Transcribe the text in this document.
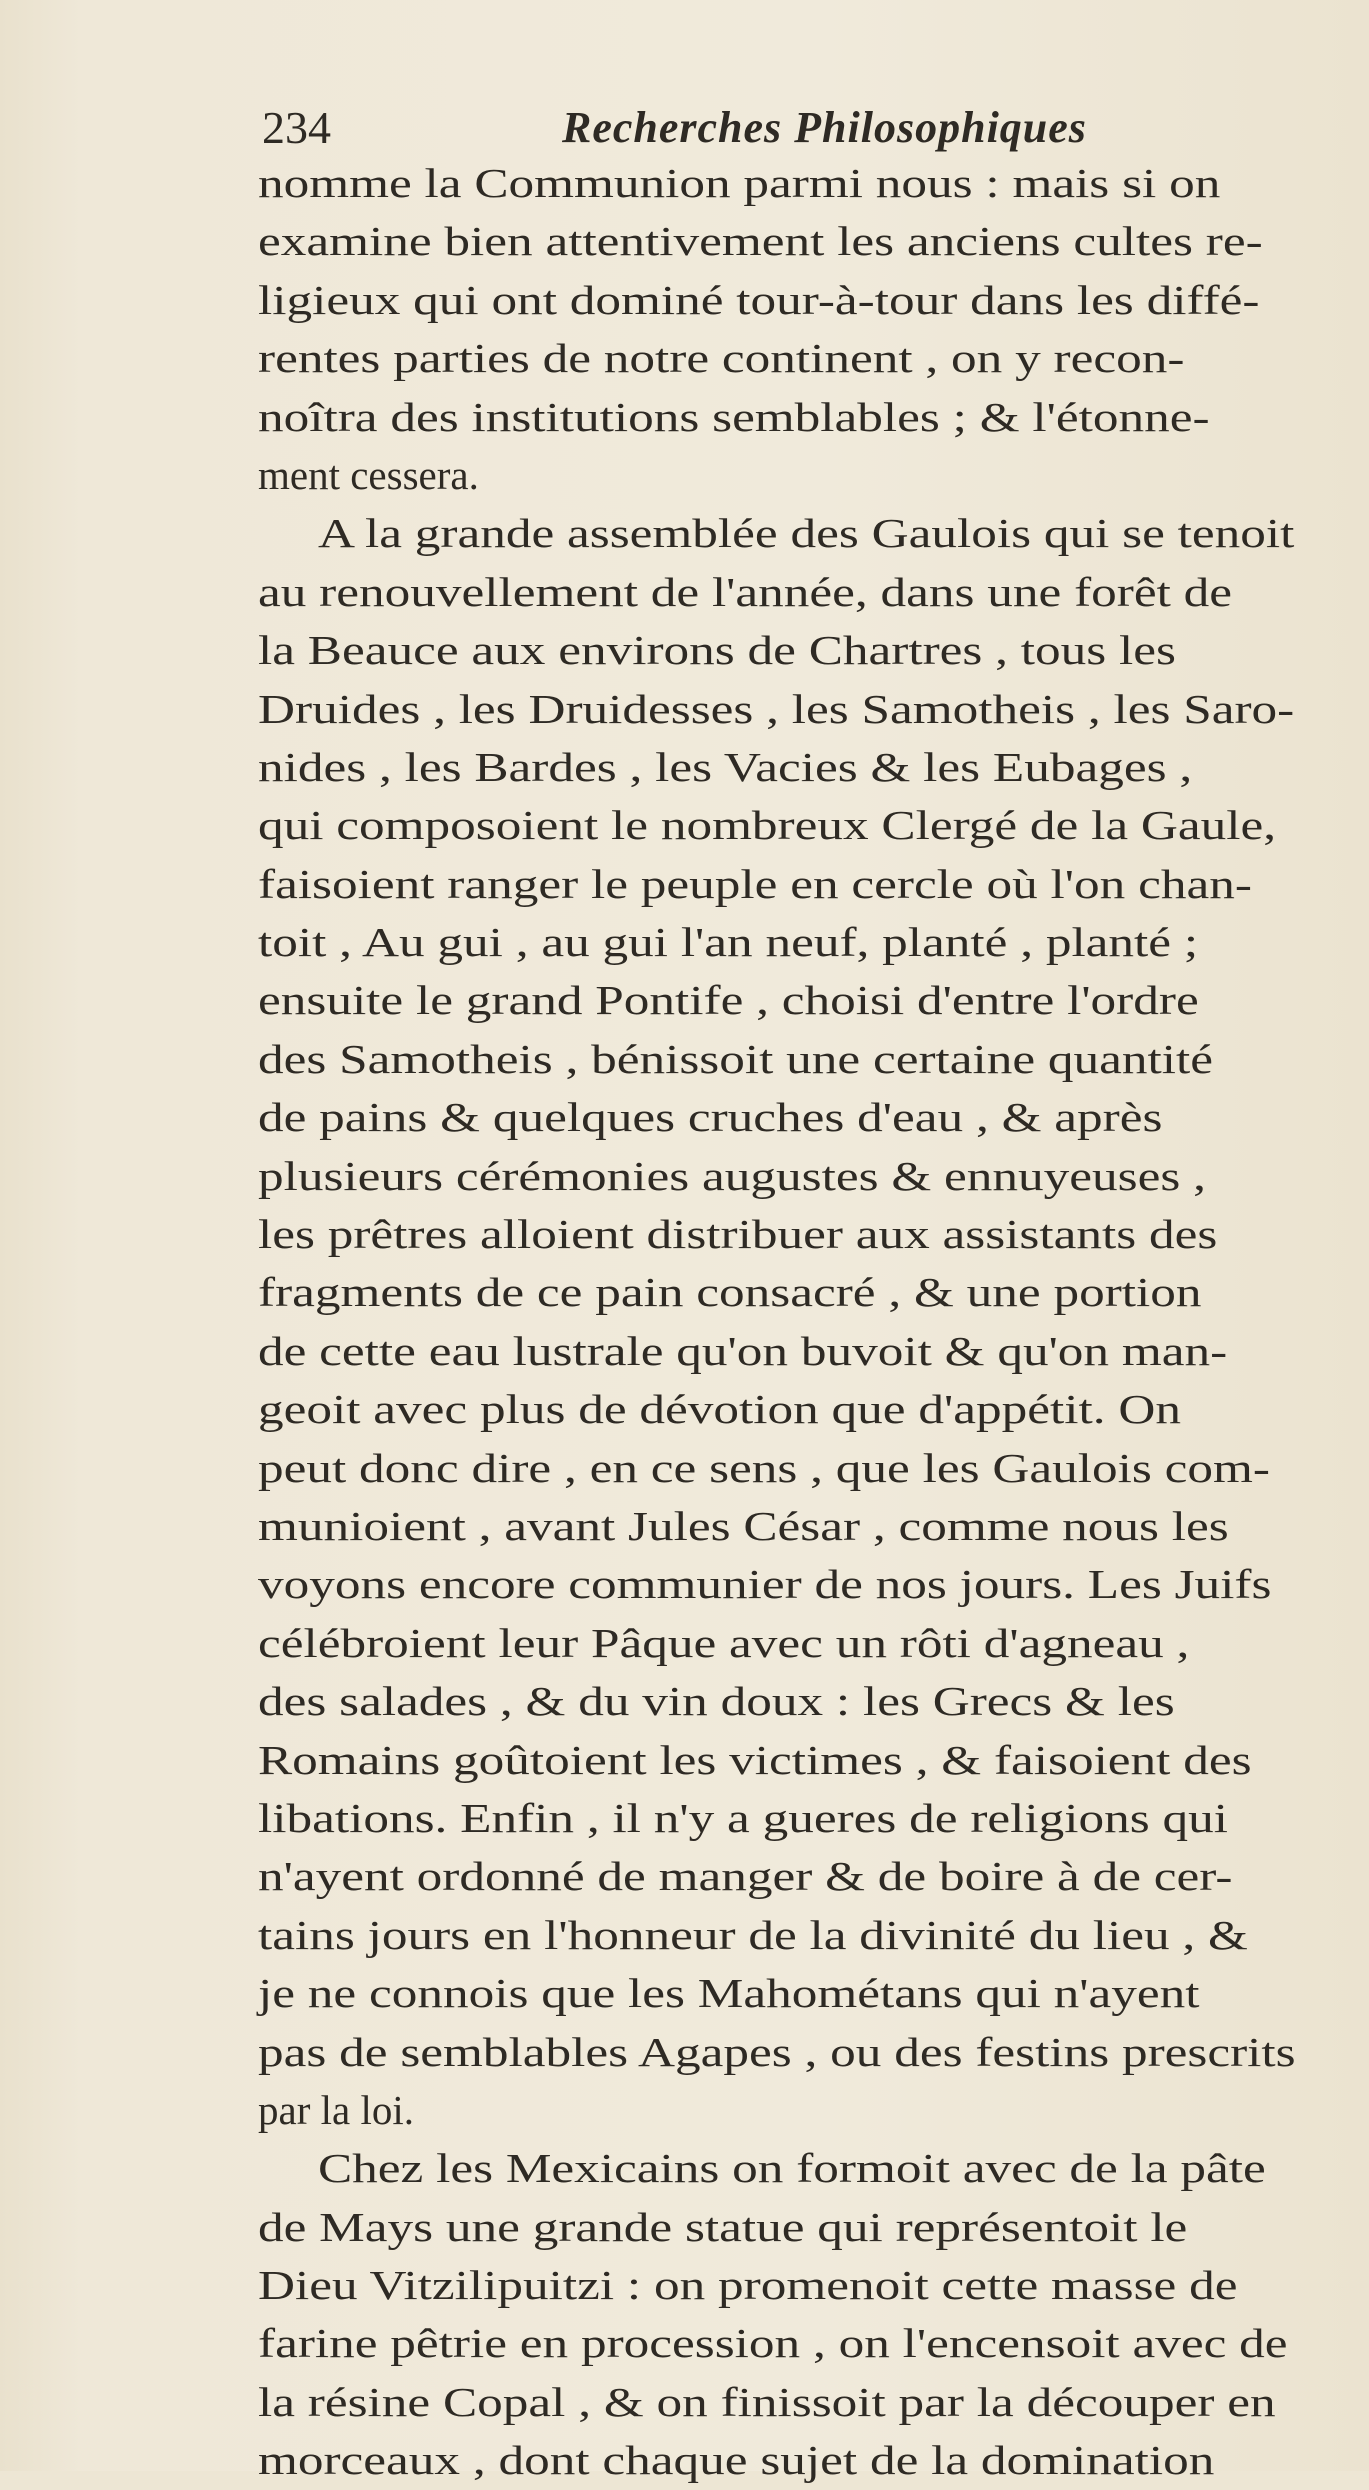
234	Recherches Philosophiques
nomme la Communion parmi nous : mais si on
examine bien attentivement les anciens cultes re-
ligieux qui ont dominé tour-à-tour dans les diffé-
rentes parties de notre continent , on y recon-
noîtra des institutions semblables ; & l'étonne-
ment cessera.
A la grande assemblée des Gaulois qui se tenoit
au renouvellement de l'année, dans une forêt de
la Beauce aux environs de Chartres , tous les
Druides , les Druidesses , les Samotheis , les Saro-
nides , les Bardes , les Vacies & les Eubages ,
qui composoient le nombreux Clergé de la Gaule,
faisoient ranger le peuple en cercle où l'on chan-
toit , Au gui , au gui l'an neuf, planté , planté ;
ensuite le grand Pontife , choisi d'entre l'ordre
des Samotheis , bénissoit une certaine quantité
de pains & quelques cruches d'eau , & après
plusieurs cérémonies augustes & ennuyeuses ,
les prêtres alloient distribuer aux assistants des
fragments de ce pain consacré , & une portion
de cette eau lustrale qu'on buvoit & qu'on man-
geoit avec plus de dévotion que d'appétit. On
peut donc dire , en ce sens , que les Gaulois com-
munioient , avant Jules César , comme nous les
voyons encore communier de nos jours. Les Juifs
célébroient leur Pâque avec un rôti d'agneau ,
des salades , & du vin doux : les Grecs & les
Romains goûtoient les victimes , & faisoient des
libations. Enfin , il n'y a gueres de religions qui
n'ayent ordonné de manger & de boire à de cer-
tains jours en l'honneur de la divinité du lieu , &
je ne connois que les Mahométans qui n'ayent
pas de semblables Agapes , ou des festins prescrits
par la loi.
Chez les Mexicains on formoit avec de la pâte
de Mays une grande statue qui représentoit le
Dieu Vitzilipuitzi : on promenoit cette masse de
farine pêtrie en procession , on l'encensoit avec de
la résine Copal , & on finissoit par la découper en
morceaux , dont chaque sujet de la domination
